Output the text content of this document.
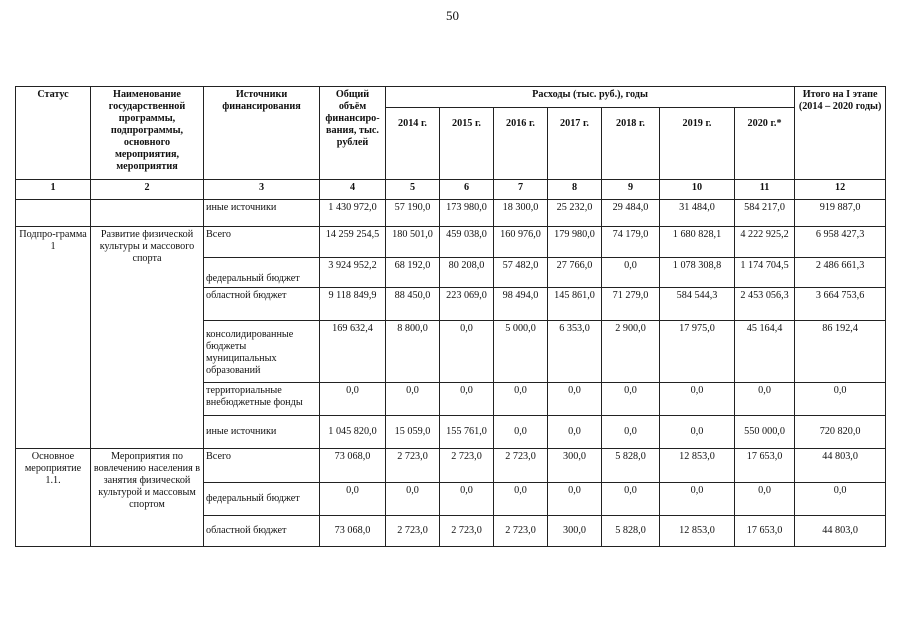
50
Статус	Наименование государственной программы, подпрограммы, основного мероприятия, мероприятия	Источники финансирования	Общий объём финансиро-вания, тыс. рублей	Расходы (тыс. руб.), годы							Итого на I этапе (2014 – 2020 годы)
				2014 г.	2015 г.	2016 г.	2017 г.	2018 г.	2019 г.	2020 г.*	
1	2	3	4	5	6	7	8	9	10	11	12
		иные источники	1 430 972,0	57 190,0	173 980,0	18 300,0	25 232,0	29 484,0	31 484,0	584 217,0	919 887,0
Подпро-грамма 1	Развитие физической культуры и массового спорта	Всего	14 259 254,5	180 501,0	459 038,0	160 976,0	179 980,0	74 179,0	1 680 828,1	4 222 925,2	6 958 427,3
		федеральный бюджет	3 924 952,2	68 192,0	80 208,0	57 482,0	27 766,0	0,0	1 078 308,8	1 174 704,5	2 486 661,3
		областной бюджет	9 118 849,9	88 450,0	223 069,0	98 494,0	145 861,0	71 279,0	584 544,3	2 453 056,3	3 664 753,6
		консолидированные бюджеты муниципальных образований	169 632,4	8 800,0	0,0	5 000,0	6 353,0	2 900,0	17 975,0	45 164,4	86 192,4
		территориальные внебюджетные фонды	0,0	0,0	0,0	0,0	0,0	0,0	0,0	0,0	0,0
		иные источники	1 045 820,0	15 059,0	155 761,0	0,0	0,0	0,0	0,0	550 000,0	720 820,0
Основное мероприятие 1.1.	Мероприятия по вовлечению населения в занятия физической культурой и массовым спортом	Всего	73 068,0	2 723,0	2 723,0	2 723,0	300,0	5 828,0	12 853,0	17 653,0	44 803,0
		федеральный бюджет	0,0	0,0	0,0	0,0	0,0	0,0	0,0	0,0	0,0
		областной бюджет	73 068,0	2 723,0	2 723,0	2 723,0	300,0	5 828,0	12 853,0	17 653,0	44 803,0
